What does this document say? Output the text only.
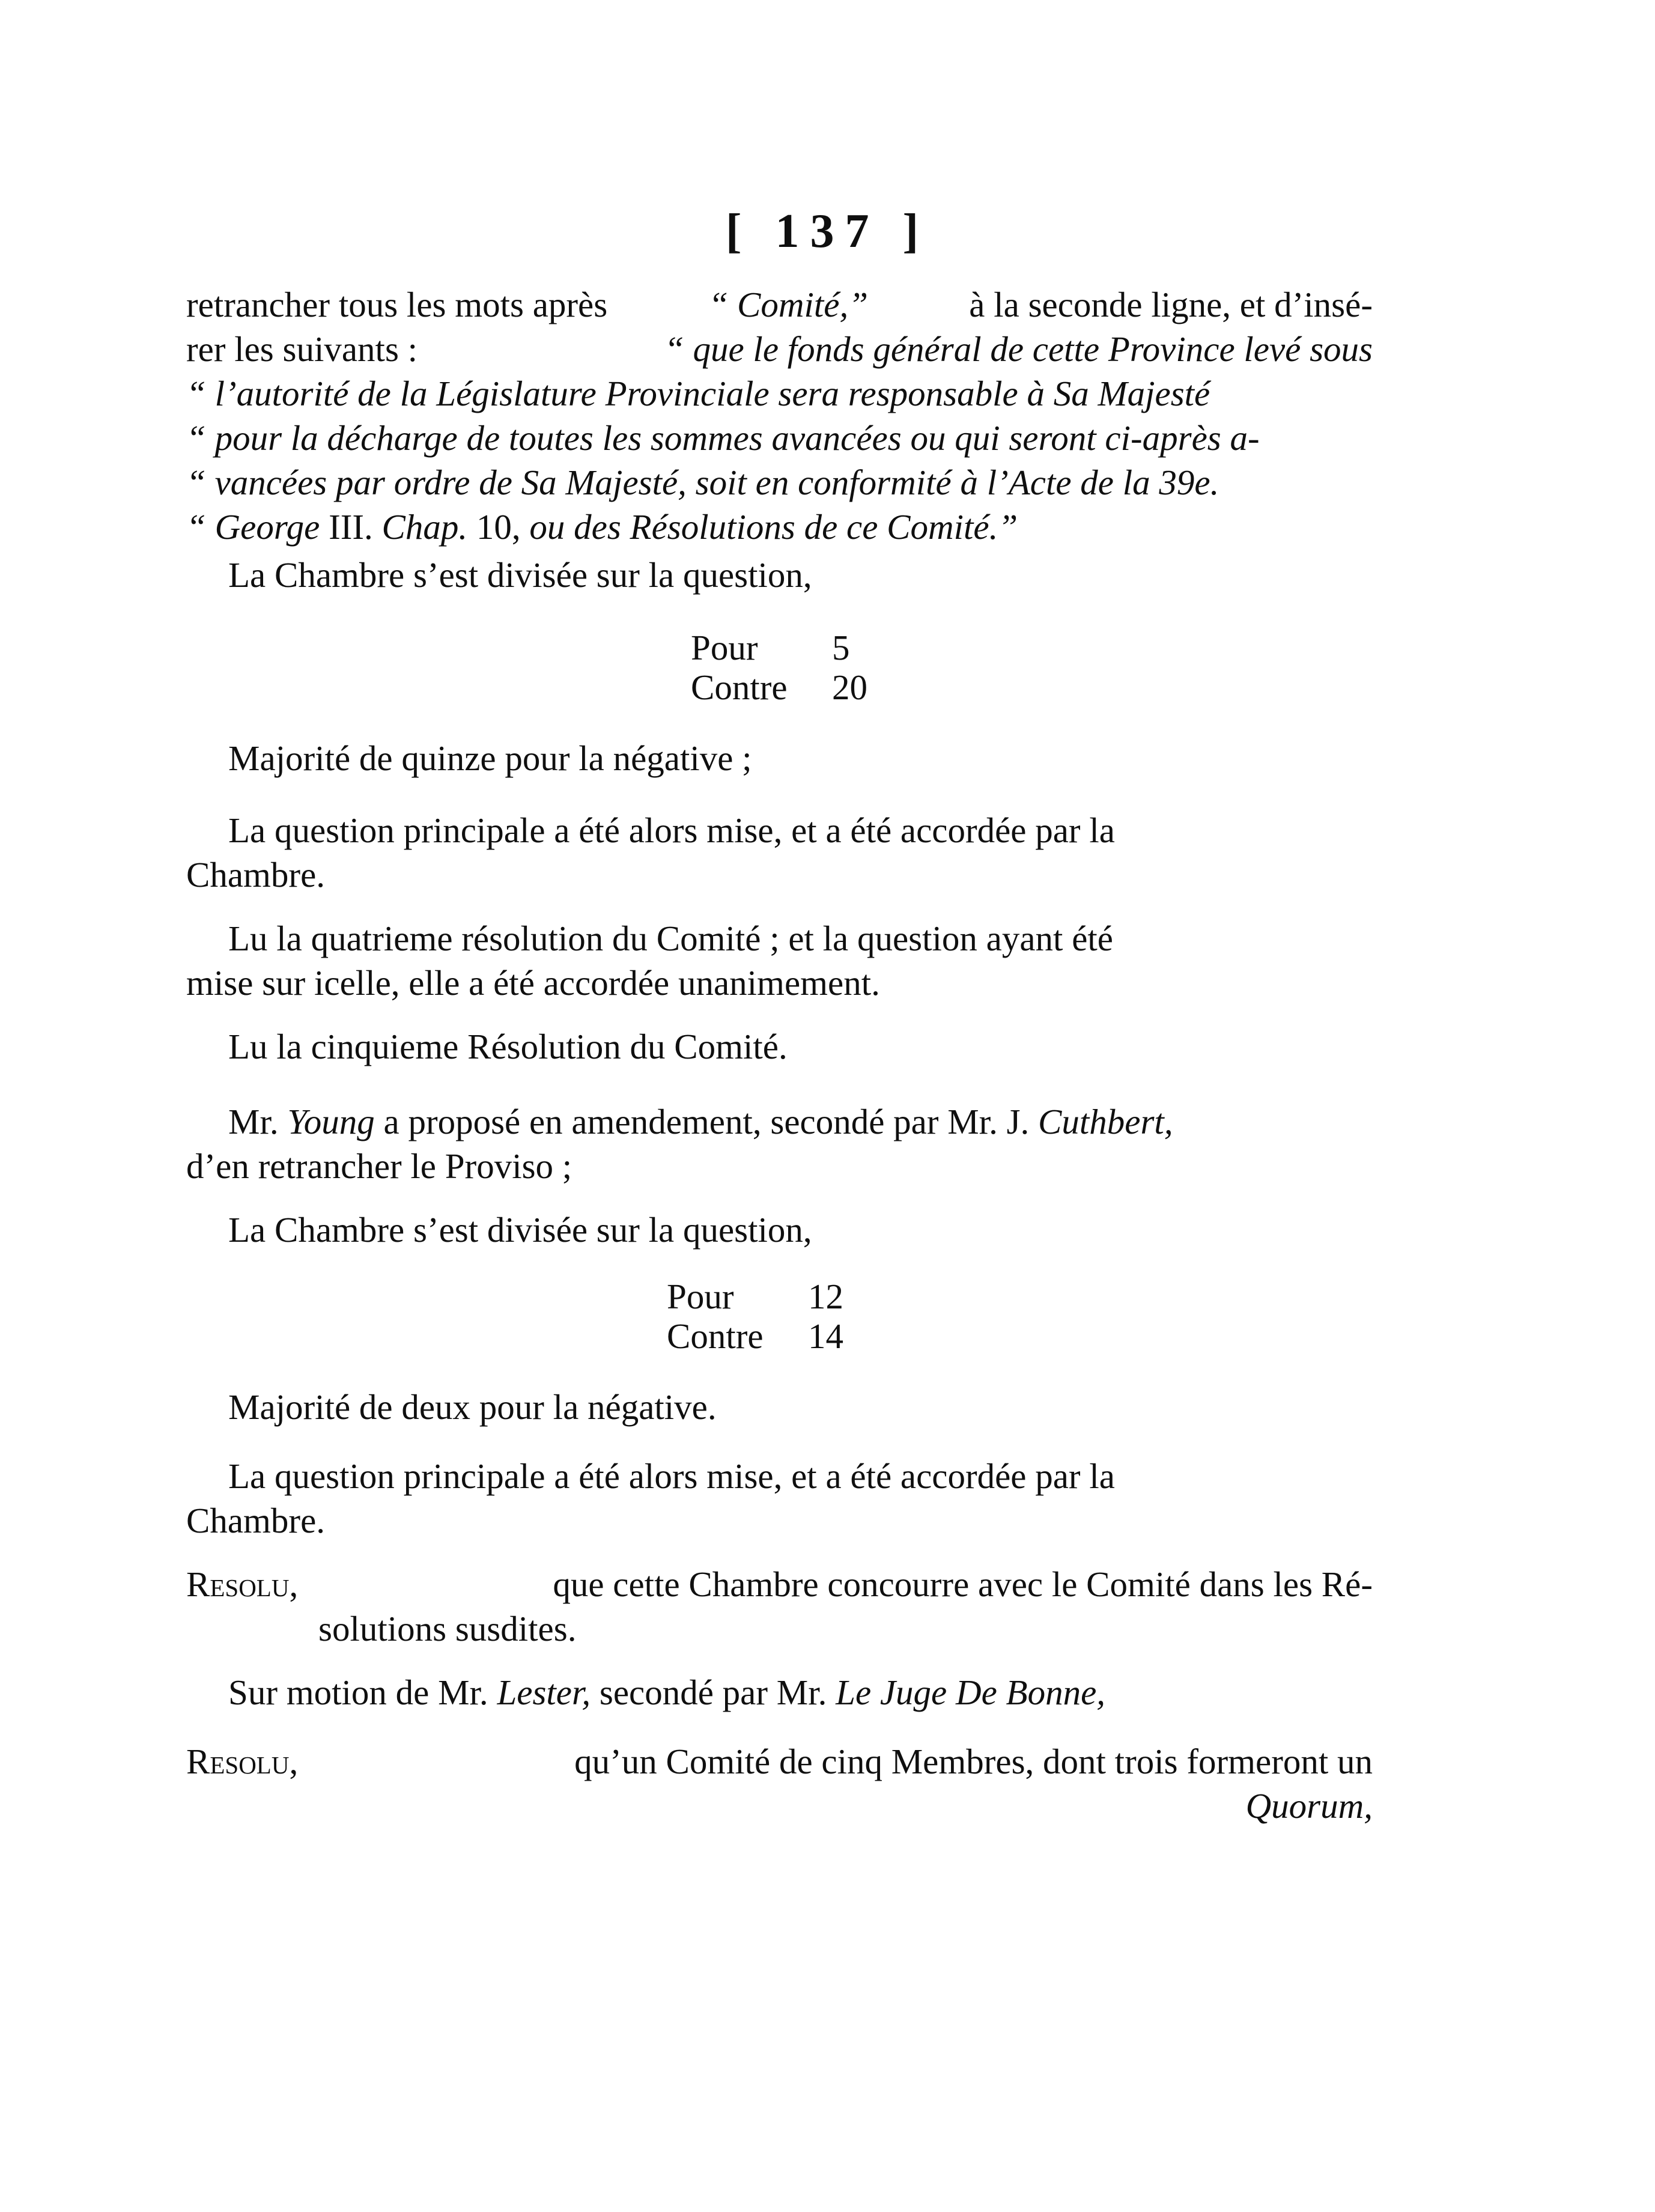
[ 137 ]
retrancher tous les mots après	“ Comité,”	à la seconde ligne, et d’insé-
rer les suivants :	“ que le fonds général de cette Province levé sous
“ l’autorité de la Législature Provinciale sera responsable à Sa Majesté
“ pour la décharge de toutes les sommes avancées ou qui seront ci-après a-
“ vancées par ordre de Sa Majesté, soit en conformité à l’Acte de la 39e.
“ George
III.
Chap.
10,
ou des Résolutions de ce Comité.”
La Chambre s’est divisée sur la question,
Pour	5
Contre	20
Majorité de quinze pour la négative ;
La question principale a été alors mise, et a été accordée par la
Chambre.
Lu la quatrieme résolution du Comité ; et la question ayant été
mise sur icelle, elle a été accordée unanimement.
Lu la cinquieme Résolution du Comité.
Mr.
Young
a proposé en amendement, secondé par Mr. J.
Cuthbert,
d’en retrancher le Proviso ;
La Chambre s’est divisée sur la question,
Pour	12
Contre	14
Majorité de deux pour la négative.
La question principale a été alors mise, et a été accordée par la
Chambre.
Resolu,	que cette Chambre concourre avec le Comité dans les Ré-
solutions susdites.
Sur motion de Mr.
Lester,
secondé par Mr.
Le Juge De Bonne,
Resolu,	qu’un Comité de cinq Membres, dont trois formeront un
Quorum,
